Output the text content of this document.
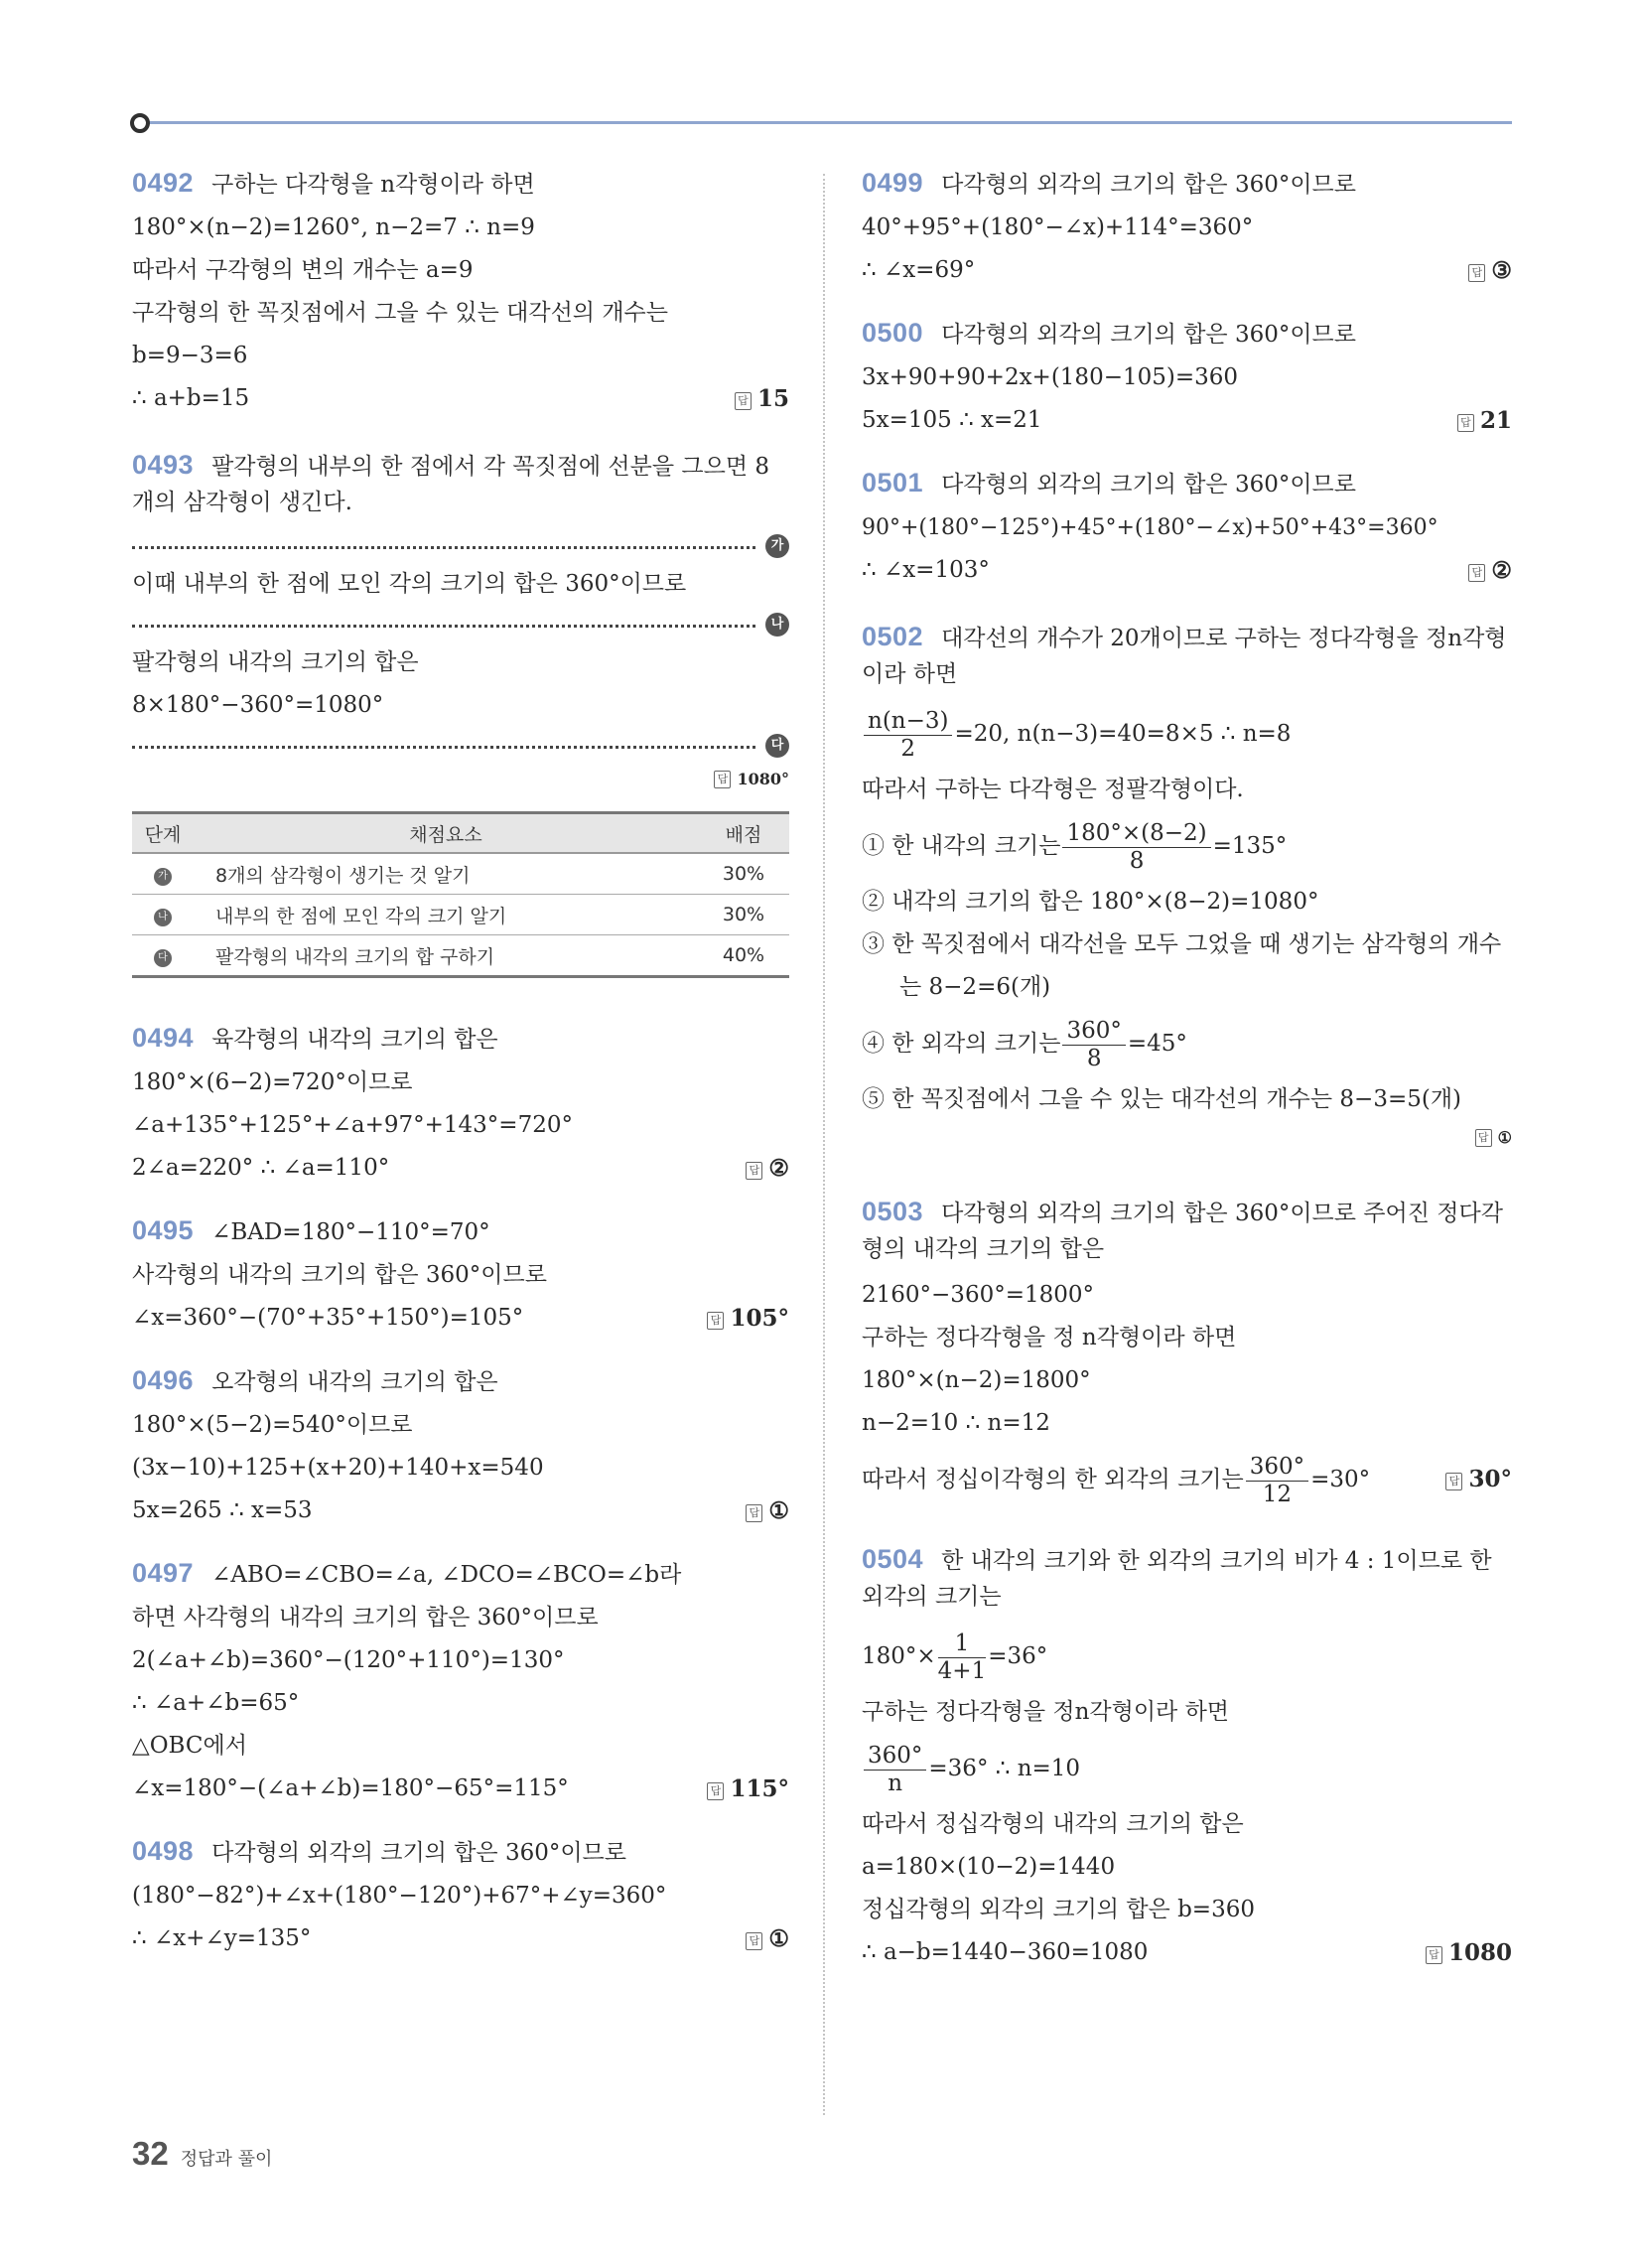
0492 구하는 다각형을 n각형이라 하면
180°×(n−2)=1260°, n−2=7 ∴ n=9
따라서 구각형의 변의 개수는 a=9
구각형의 한 꼭짓점에서 그을 수 있는 대각선의 개수는
b=9−3=6
∴ a+b=15	답 15
0493 팔각형의 내부의 한 점에서 각 꼭짓점에 선분을 그으면 8개의 삼각형이 생긴다.
가
이때 내부의 한 점에 모인 각의 크기의 합은 360°이므로
나
팔각형의 내각의 크기의 합은
8×180°−360°=1080°
다
답 1080°
단계	채점요소	배점
가	8개의 삼각형이 생기는 것 알기	30%
나	내부의 한 점에 모인 각의 크기 알기	30%
다	팔각형의 내각의 크기의 합 구하기	40%
0494 육각형의 내각의 크기의 합은
180°×(6−2)=720°이므로
∠a+135°+125°+∠a+97°+143°=720°
2∠a=220° ∴ ∠a=110°	답 ②
0495 ∠BAD=180°−110°=70°
사각형의 내각의 크기의 합은 360°이므로
∠x=360°−(70°+35°+150°)=105°	답 105°
0496 오각형의 내각의 크기의 합은
180°×(5−2)=540°이므로
(3x−10)+125+(x+20)+140+x=540
5x=265 ∴ x=53	답 ①
0497 ∠ABO=∠CBO=∠a, ∠DCO=∠BCO=∠b라
하면 사각형의 내각의 크기의 합은 360°이므로
2(∠a+∠b)=360°−(120°+110°)=130°
∴ ∠a+∠b=65°
△OBC에서
∠x=180°−(∠a+∠b)=180°−65°=115°	답 115°
0498 다각형의 외각의 크기의 합은 360°이므로
(180°−82°)+∠x+(180°−120°)+67°+∠y=360°
∴ ∠x+∠y=135°	답 ①
0499 다각형의 외각의 크기의 합은 360°이므로
40°+95°+(180°−∠x)+114°=360°
∴ ∠x=69°	답 ③
0500 다각형의 외각의 크기의 합은 360°이므로
3x+90+90+2x+(180−105)=360
5x=105 ∴ x=21	답 21
0501 다각형의 외각의 크기의 합은 360°이므로
90°+(180°−125°)+45°+(180°−∠x)+50°+43°=360°
∴ ∠x=103°	답 ②
0502 대각선의 개수가 20개이므로 구하는 정다각형을 정n각형이라 하면
$\frac{n(n-3)}{2} =20$, n(n−3)=40=8×5 ∴ n=8
따라서 구하는 다각형은 정팔각형이다.
① 한 내각의 크기는 $\frac{180^\circ\times(8-2)}{8} =135^\circ$
② 내각의 크기의 합은 180°×(8−2)=1080°
③ 한 꼭짓점에서 대각선을 모두 그었을 때 생기는 삼각형의 개수
는 8−2=6(개)
④ 한 외각의 크기는 $\frac{360^\circ}{8} =45^\circ$
⑤ 한 꼭짓점에서 그을 수 있는 대각선의 개수는 8−3=5(개)
답 ①
0503 다각형의 외각의 크기의 합은 360°이므로 주어진 정다각형의 내각의 크기의 합은
2160°−360°=1800°
구하는 정다각형을 정 n각형이라 하면
180°×(n−2)=1800°
n−2=10 ∴ n=12
따라서 정십이각형의 한 외각의 크기는 $\frac{360^\circ}{12} =30^\circ$	답 30°
0504 한 내각의 크기와 한 외각의 크기의 비가 4 : 1이므로 한 외각의 크기는
$180^\circ\times \frac{1}{4+1} =36^\circ$
구하는 정다각형을 정n각형이라 하면
$\frac{360^\circ}{n} =36^\circ$ ∴ n=10
따라서 정십각형의 내각의 크기의 합은
a=180×(10−2)=1440
정십각형의 외각의 크기의 합은 b=360
∴ a−b=1440−360=1080	답 1080
32 정답과 풀이
